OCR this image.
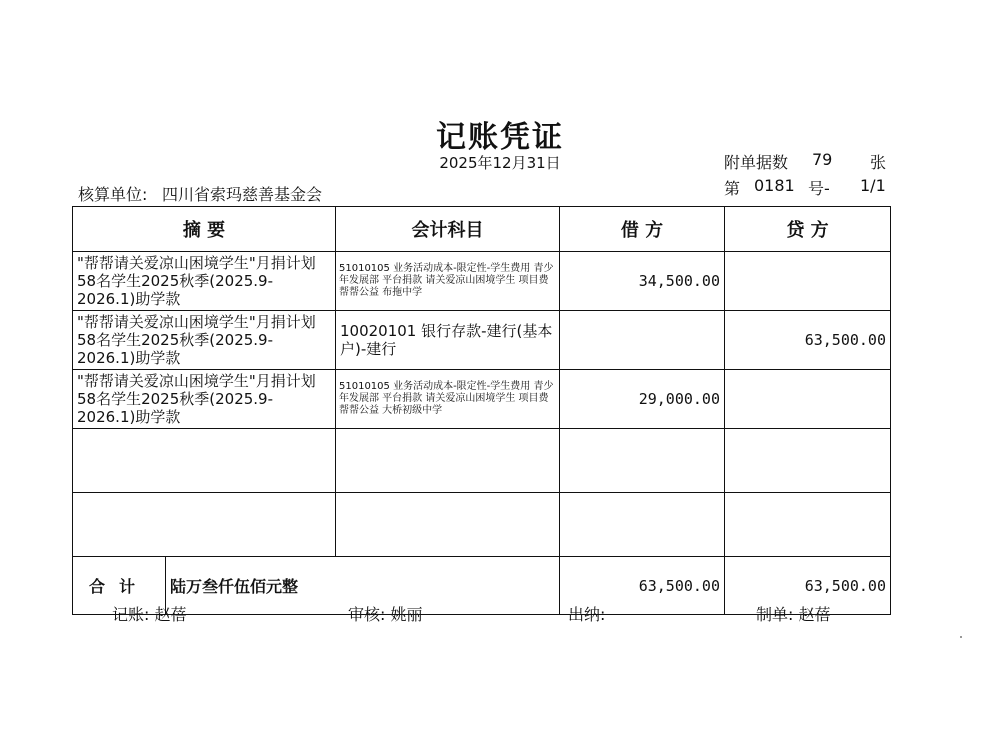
记账凭证
2025年12月31日	附单据数 79 张
核算单位: 四川省索玛慈善基金会	第 0181 号- 1/1
摘 要		会计科目	借 方	贷 方
"帮帮请关爱凉山困境学生"月捐计划58名学生2025秋季(2025.9-2026.1)助学款		51010105 业务活动成本-限定性-学生费用 青少年发展部 平台捐款 请关爱凉山困境学生 项目费 帮帮公益 布拖中学	34,500.00	
"帮帮请关爱凉山困境学生"月捐计划58名学生2025秋季(2025.9-2026.1)助学款		10020101 银行存款-建行(基本户)-建行		63,500.00
"帮帮请关爱凉山困境学生"月捐计划58名学生2025秋季(2025.9-2026.1)助学款		51010105 业务活动成本-限定性-学生费用 青少年发展部 平台捐款 请关爱凉山困境学生 项目费 帮帮公益 大桥初级中学	29,000.00	

合计	陆万叁仟伍佰元整		63,500.00	63,500.00
记账: 赵蓓	审核: 姚丽	出纳:	制单: 赵蓓
